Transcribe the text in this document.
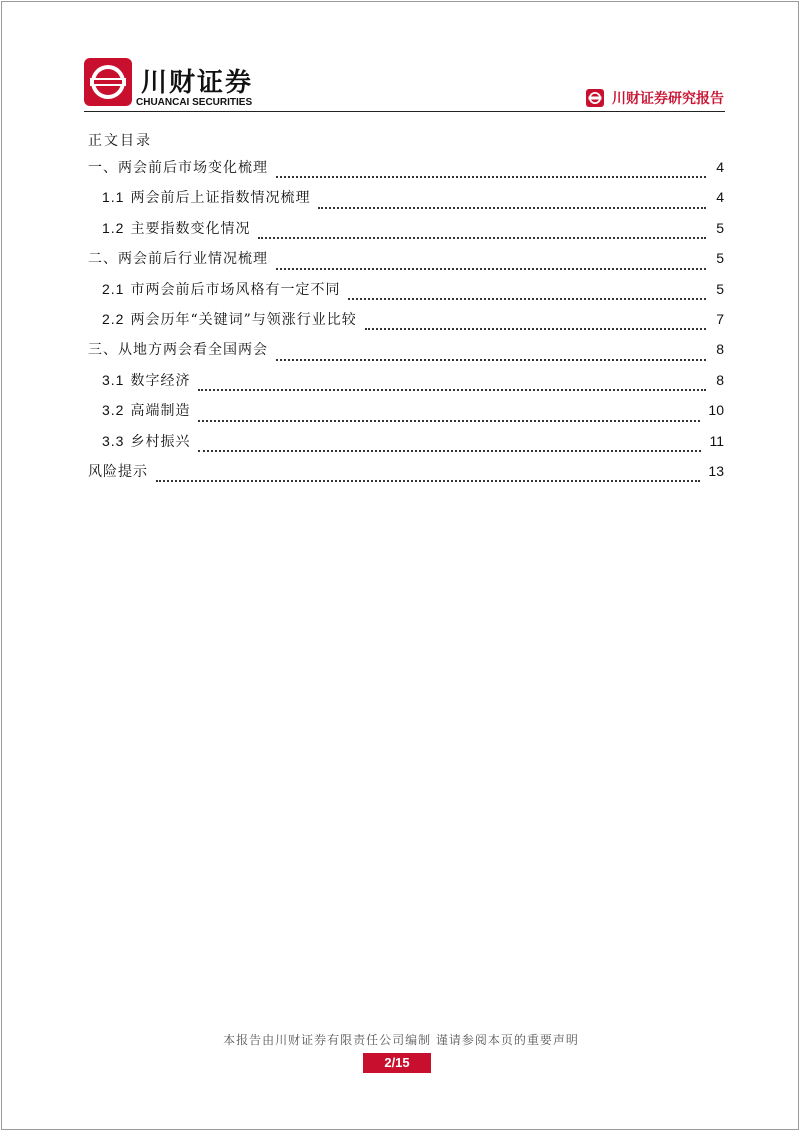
川财证券
CHUANCAI SECURITIES	川财证券研究报告
正文目录
一、两会前后市场变化梳理	4
1.1 两会前后上证指数情况梳理	4
1.2 主要指数变化情况	5
二、两会前后行业情况梳理	5
2.1 市两会前后市场风格有一定不同	5
2.2 两会历年“关键词”与领涨行业比较	7
三、从地方两会看全国两会	8
3.1 数字经济	8
3.2 高端制造	10
3.3 乡村振兴	11
风险提示	13
本报告由川财证券有限责任公司编制 谨请参阅本页的重要声明
2/15
